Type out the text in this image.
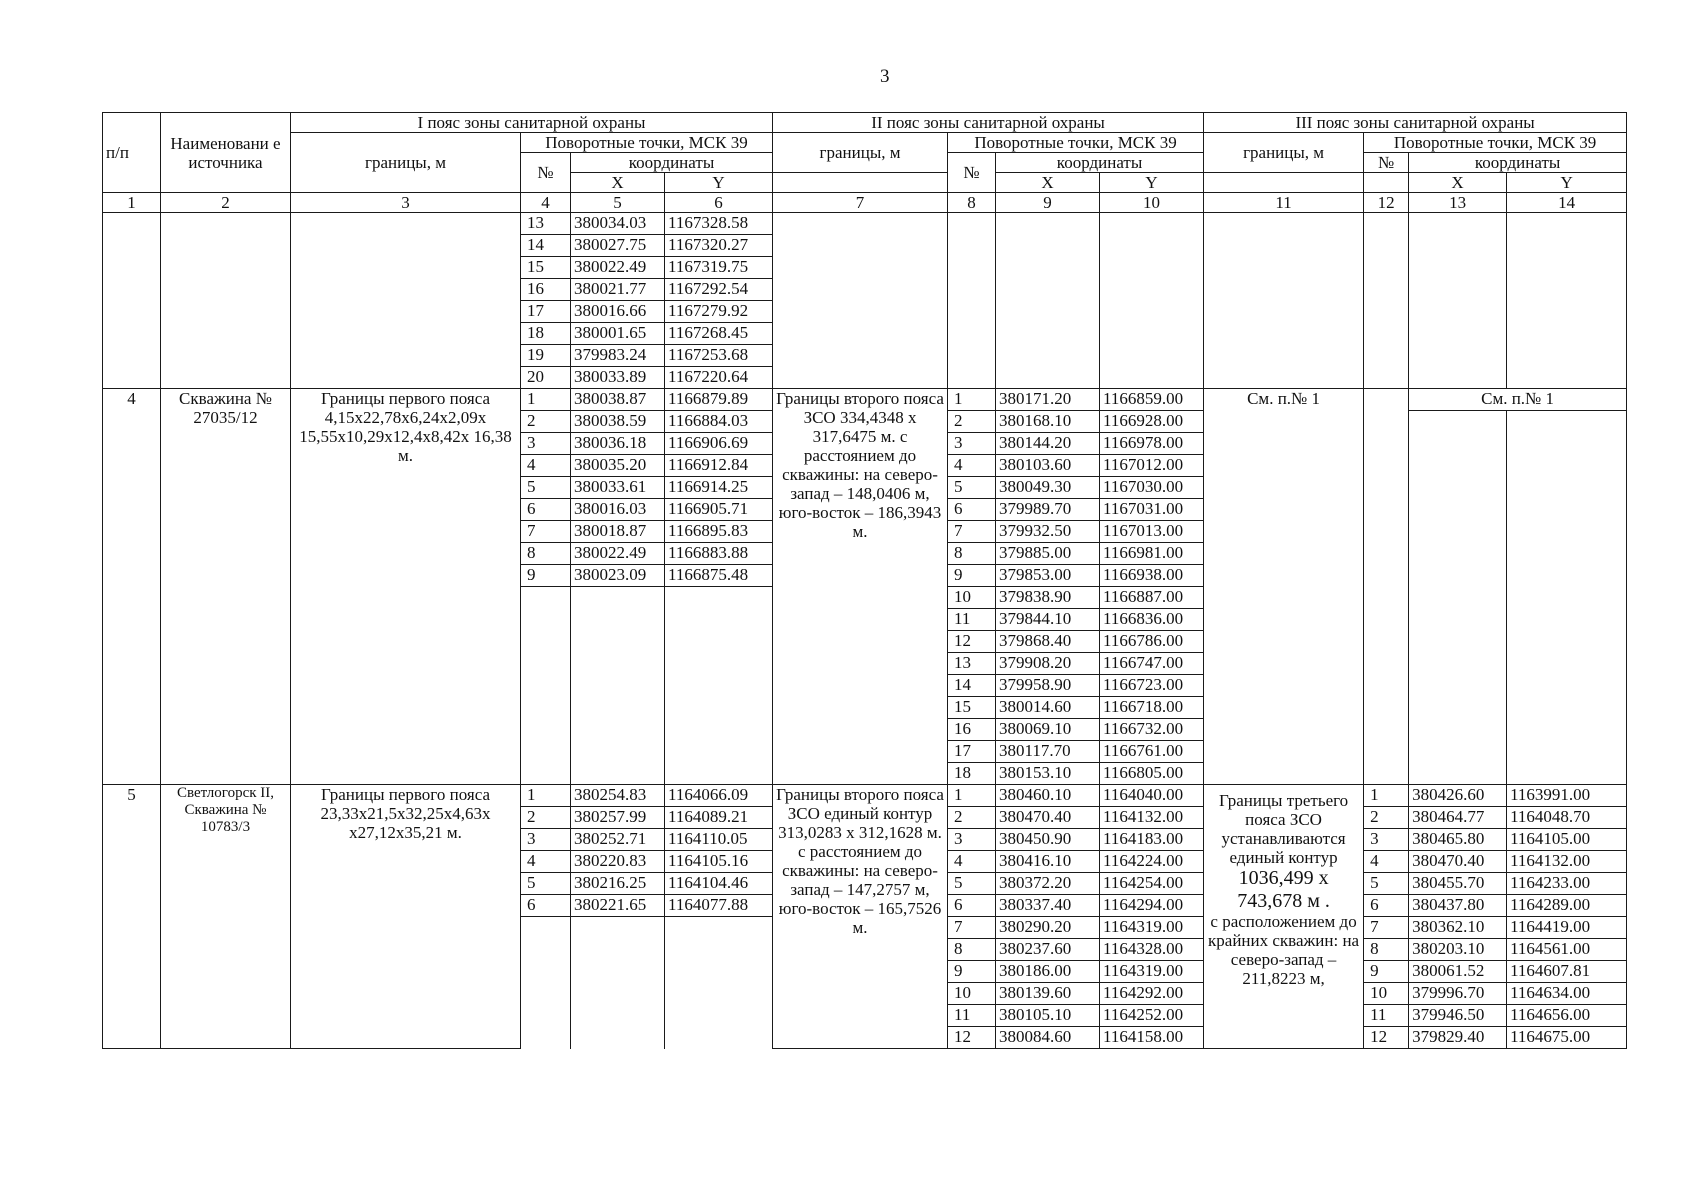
3
п/п	Наименовани е источника	I пояс зоны санитарной охраны				II пояс зоны санитарной охраны				III пояс зоны санитарной охраны			
		границы, м	Поворотные точки, МСК 39			границы, м	Поворотные точки, МСК 39			границы, м	Поворотные точки, МСК 39		
			№	координаты			№	координаты			№	координаты	
				X	Y			X	Y			X	Y
1	2	3	4	5	6	7	8	9	10	11	12	13	14
			13	380034.03	1167328.58								
			14	380027.75	1167320.27								
			15	380022.49	1167319.75								
			16	380021.77	1167292.54								
			17	380016.66	1167279.92								
			18	380001.65	1167268.45								
			19	379983.24	1167253.68								
			20	380033.89	1167220.64								
4	Скважина № 27035/12	Границы первого пояса 4,15х22,78х6,24х2,09х 15,55х10,29х12,4х8,42х 16,38 м.	1	380038.87	1166879.89	Границы второго пояса ЗСО 334,4348 х 317,6475 м. с расстоянием до скважины: на северо-запад – 148,0406 м, юго-восток – 186,3943 м.	1	380171.20	1166859.00	См. п.№ 1		См. п.№ 1	
			2	380038.59	1166884.03		2	380168.10	1166928.00				
			3	380036.18	1166906.69		3	380144.20	1166978.00				
			4	380035.20	1166912.84		4	380103.60	1167012.00				
			5	380033.61	1166914.25		5	380049.30	1167030.00				
			6	380016.03	1166905.71		6	379989.70	1167031.00				
			7	380018.87	1166895.83		7	379932.50	1167013.00				
			8	380022.49	1166883.88		8	379885.00	1166981.00				
			9	380023.09	1166875.48		9	379853.00	1166938.00				
							10	379838.90	1166887.00				
							11	379844.10	1166836.00				
							12	379868.40	1166786.00				
							13	379908.20	1166747.00				
							14	379958.90	1166723.00				
							15	380014.60	1166718.00				
							16	380069.10	1166732.00				
							17	380117.70	1166761.00				
							18	380153.10	1166805.00				
5	Светлогорск II, Скважина № 10783/3	Границы первого пояса 23,33х21,5х32,25х4,63х х27,12х35,21 м.	1	380254.83	1164066.09	Границы второго пояса ЗСО единый контур 313,0283 х 312,1628 м. с расстоянием до скважины: на северо-запад – 147,2757 м, юго-восток – 165,7526 м.	1	380460.10	1164040.00	Границы третьего пояса ЗСО устанавливаются единый контур
1036,499 х 743,678 м .
с расположением до крайних скважин: на северо-запад – 211,8223 м,	1	380426.60	1163991.00
			2	380257.99	1164089.21		2	380470.40	1164132.00		2	380464.77	1164048.70
			3	380252.71	1164110.05		3	380450.90	1164183.00		3	380465.80	1164105.00
			4	380220.83	1164105.16		4	380416.10	1164224.00		4	380470.40	1164132.00
			5	380216.25	1164104.46		5	380372.20	1164254.00		5	380455.70	1164233.00
			6	380221.65	1164077.88		6	380337.40	1164294.00		6	380437.80	1164289.00
							7	380290.20	1164319.00		7	380362.10	1164419.00
							8	380237.60	1164328.00		8	380203.10	1164561.00
							9	380186.00	1164319.00		9	380061.52	1164607.81
							10	380139.60	1164292.00		10	379996.70	1164634.00
							11	380105.10	1164252.00		11	379946.50	1164656.00
							12	380084.60	1164158.00		12	379829.40	1164675.00
